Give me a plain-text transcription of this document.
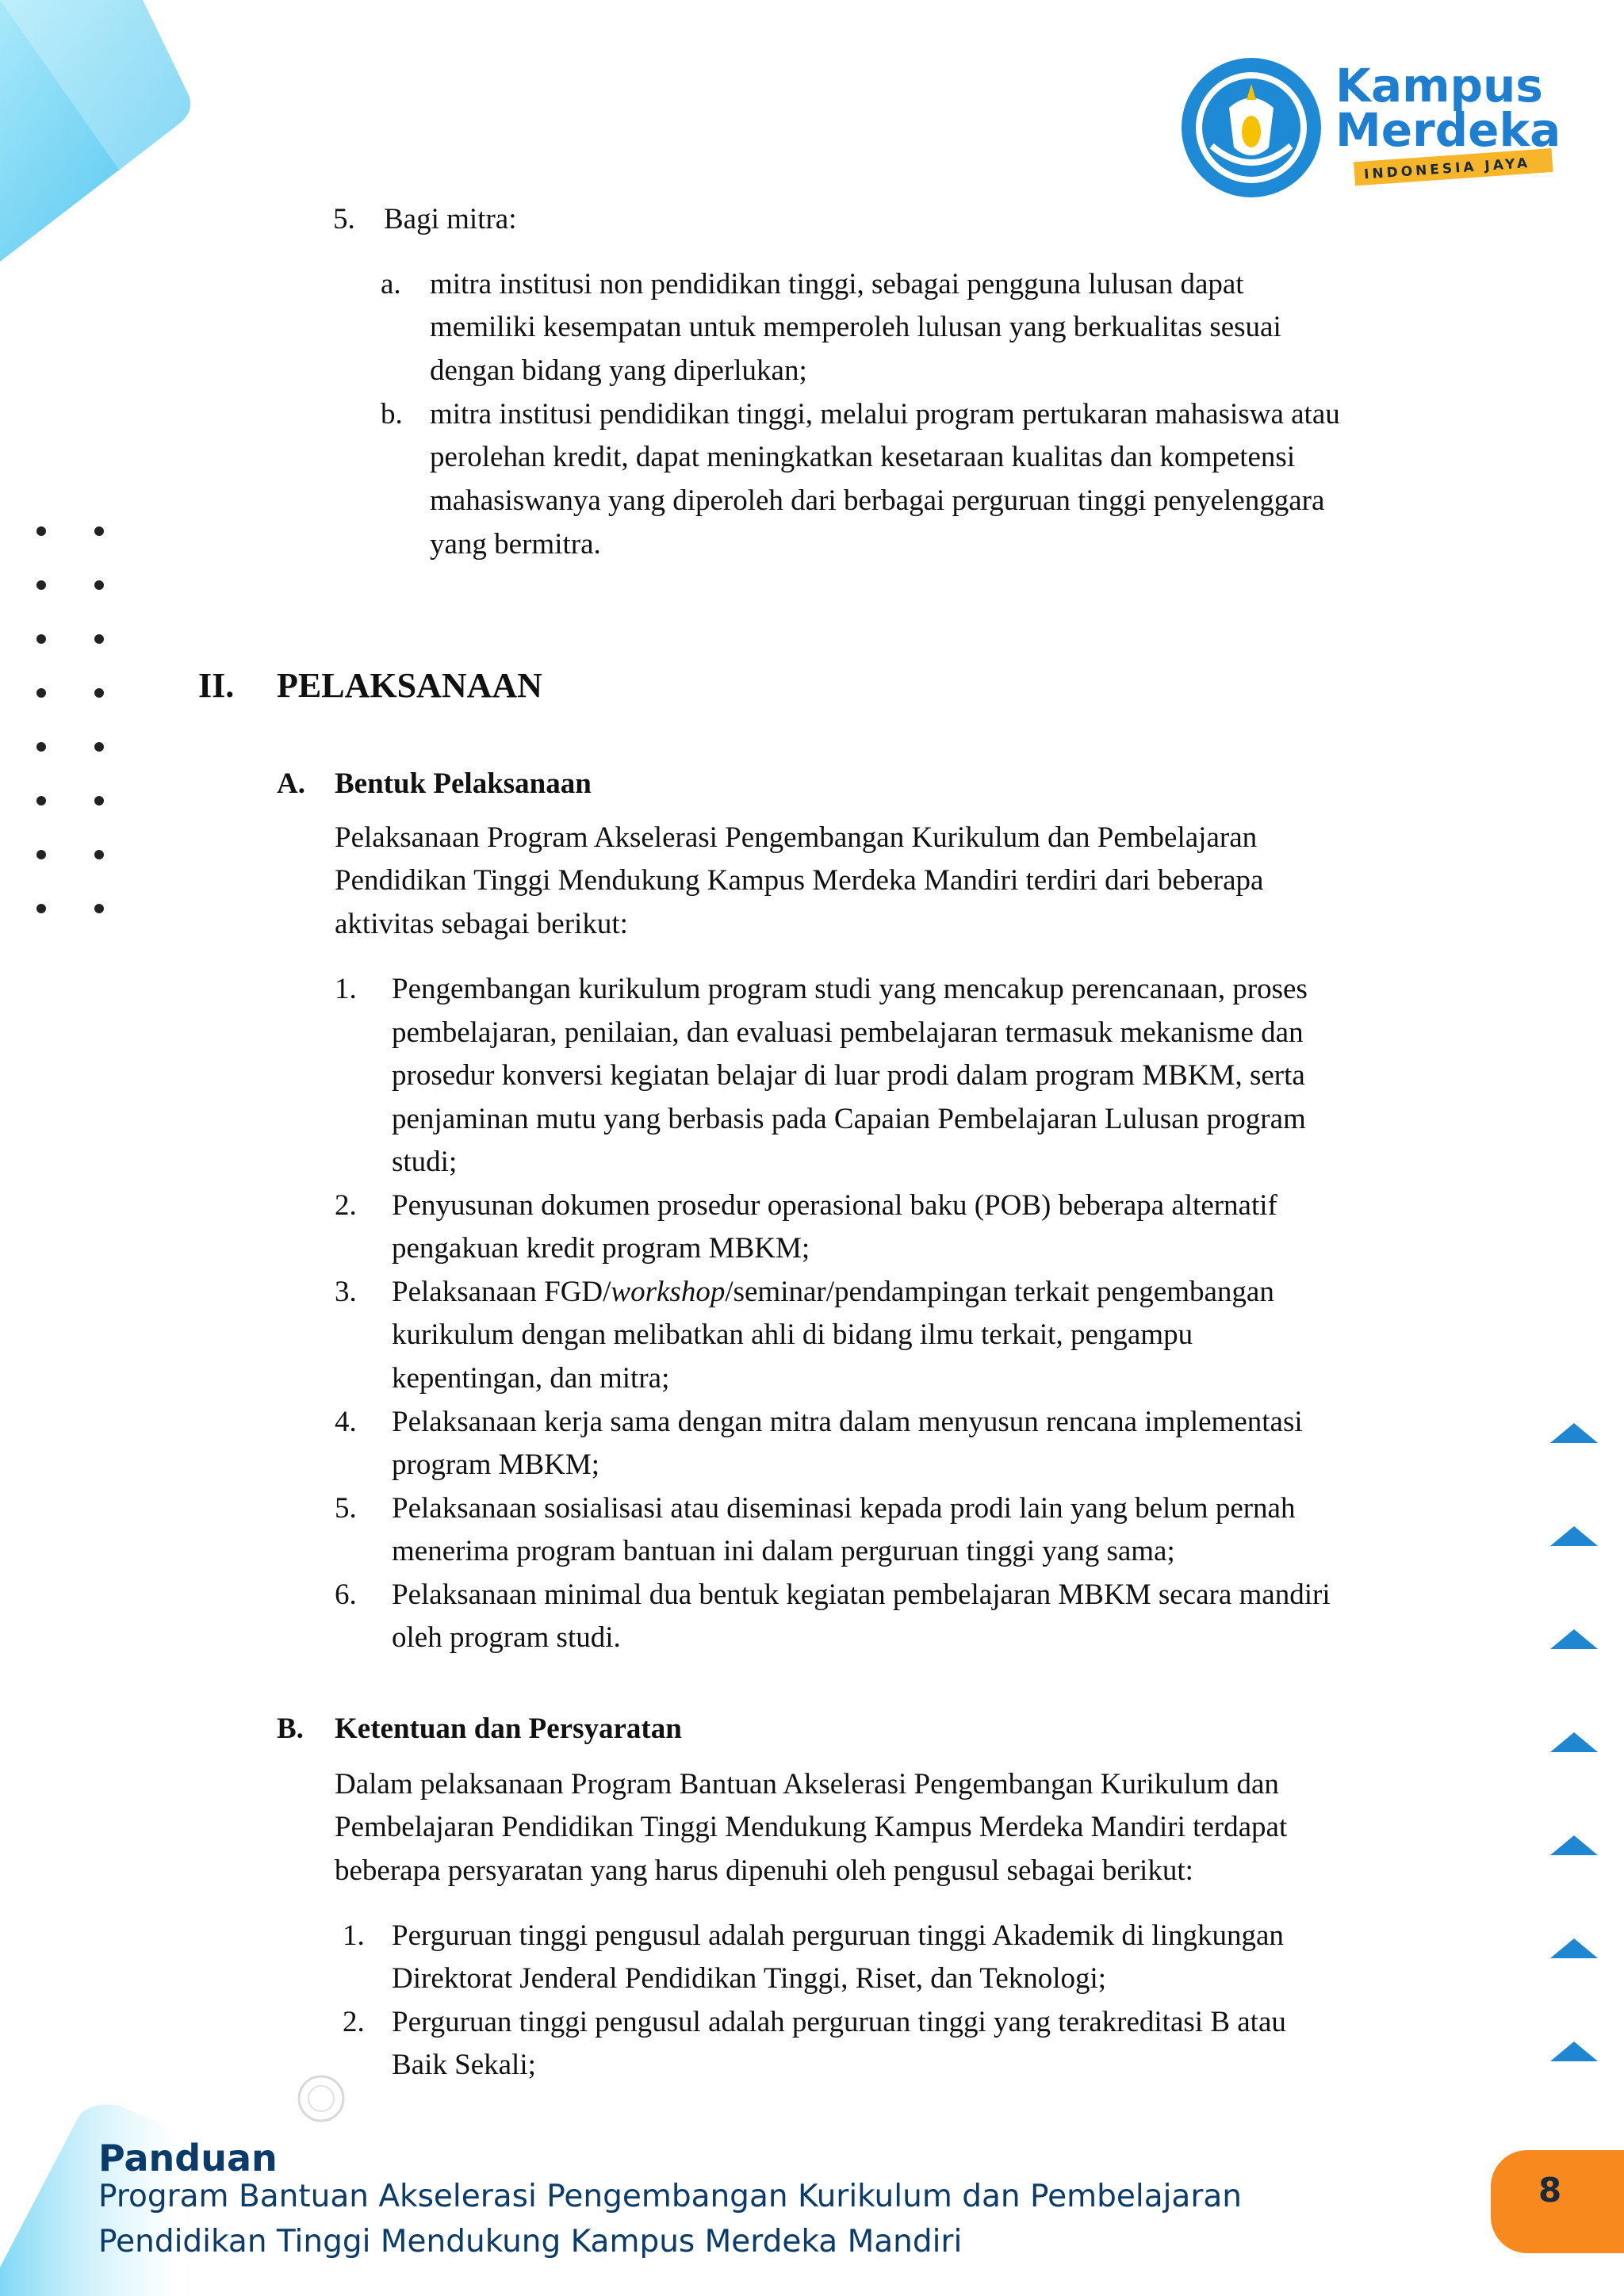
Kampus
Merdeka
INDONESIA JAYA

5. Bagi mitra:

a. mitra institusi non pendidikan tinggi, sebagai pengguna lulusan dapat

memiliki kesempatan untuk memperoleh lulusan yang berkualitas sesuai

dengan bidang yang diperlukan;

b. mitra institusi pendidikan tinggi, melalui program pertukaran mahasiswa atau

perolehan kredit, dapat meningkatkan kesetaraan kualitas dan kompetensi

mahasiswanya yang diperoleh dari berbagai perguruan tinggi penyelenggara

yang bermitra.

II. PELAKSANAAN

A. Bentuk Pelaksanaan

Pelaksanaan Program Akselerasi Pengembangan Kurikulum dan Pembelajaran

Pendidikan Tinggi Mendukung Kampus Merdeka Mandiri terdiri dari beberapa

aktivitas sebagai berikut:

1. Pengembangan kurikulum program studi yang mencakup perencanaan, proses

pembelajaran, penilaian, dan evaluasi pembelajaran termasuk mekanisme dan

prosedur konversi kegiatan belajar di luar prodi dalam program MBKM, serta

penjaminan mutu yang berbasis pada Capaian Pembelajaran Lulusan program

studi;

2. Penyusunan dokumen prosedur operasional baku (POB) beberapa alternatif

pengakuan kredit program MBKM;

3. Pelaksanaan FGD/workshop/seminar/pendampingan terkait pengembangan

kurikulum dengan melibatkan ahli di bidang ilmu terkait, pengampu

kepentingan, dan mitra;

4. Pelaksanaan kerja sama dengan mitra dalam menyusun rencana implementasi

program MBKM;

5. Pelaksanaan sosialisasi atau diseminasi kepada prodi lain yang belum pernah

menerima program bantuan ini dalam perguruan tinggi yang sama;

6. Pelaksanaan minimal dua bentuk kegiatan pembelajaran MBKM secara mandiri

oleh program studi.

B. Ketentuan dan Persyaratan

Dalam pelaksanaan Program Bantuan Akselerasi Pengembangan Kurikulum dan

Pembelajaran Pendidikan Tinggi Mendukung Kampus Merdeka Mandiri terdapat

beberapa persyaratan yang harus dipenuhi oleh pengusul sebagai berikut:

1. Perguruan tinggi pengusul adalah perguruan tinggi Akademik di lingkungan

Direktorat Jenderal Pendidikan Tinggi, Riset, dan Teknologi;

2. Perguruan tinggi pengusul adalah perguruan tinggi yang terakreditasi B atau

Baik Sekali;

Panduan

Program Bantuan Akselerasi Pengembangan Kurikulum dan Pembelajaran

Pendidikan Tinggi Mendukung Kampus Merdeka Mandiri

8
